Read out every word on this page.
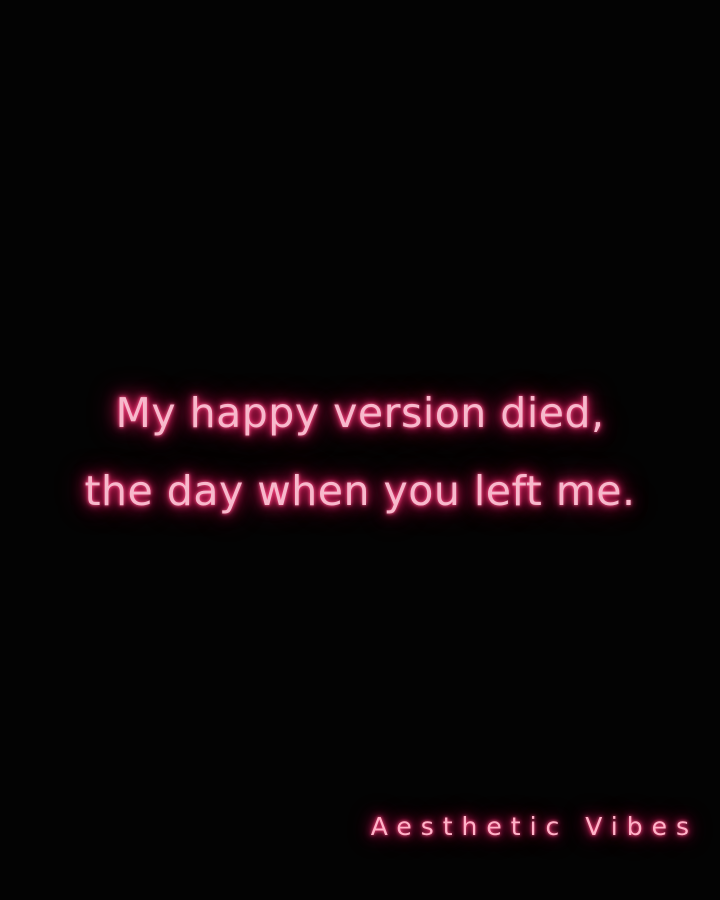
My happy version died,
the day when you left me.
Aesthetic Vibes
